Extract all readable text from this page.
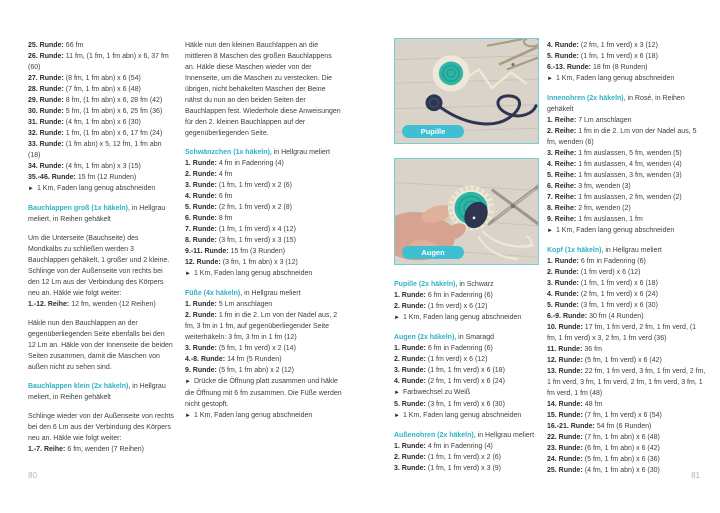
80	81
25. Runde: 66 fm
26. Runde: 11 fm, (1 fm, 1 fm abn) x 6, 37 fm (60)
27. Runde: (8 fm, 1 fm abn) x 6 (54)
28. Runde: (7 fm, 1 fm abn) x 6 (48)
29. Runde: 8 fm, (1 fm abn) x 6, 28 fm (42)
30. Runde: 5 fm, (1 fm abn) x 6, 25 fm (36)
31. Runde: (4 fm, 1 fm abn) x 6 (30)
32. Runde: 1 fm, (1 fm abn) x 6, 17 fm (24)
33. Runde: (1 fm abn) x 5, 12 fm, 1 fm abn (18)
34. Runde: (4 fm, 1 fm abn) x 3 (15)
35.-46. Runde: 15 fm (12 Runden)
► 1 Km, Faden lang genug abschneiden
Bauchlappen groß (1x häkeln), in Hellgrau meliert, in Reihen gehäkelt
Um die Unterseite (Bauchseite) des Mondkalbs zu schließen werden 3 Bauchlappen gehäkelt, 1 großer und 2 kleine. Schlinge von der Außenseite von rechts bei den 12 Lm aus der Verbindung des Körpers neu an. Häkle wie folgt weiter:
1.-12. Reihe: 12 fm, wenden (12 Reihen)
Häkle nun den Bauchlappen an der gegenüberliegenden Seite ebenfalls bei den 12 Lm an. Häkle von der Innenseite die beiden Seiten zusammen, damit die Maschen von außen nicht zu sehen sind.
Bauchlappen klein (2x häkeln), in Hellgrau meliert, in Reihen gehäkelt
Schlinge wieder von der Außenseite von rechts bei den 6 Lm aus der Verbindung des Körpers neu an. Häkle wie folgt weiter:
1.-7. Reihe: 6 fm, wenden (7 Reihen)
Häkle nun den kleinen Bauchlappen an die mittleren 8 Maschen des großen Bauchlappens an. Häkle diese Maschen wieder von der Innenseite, um die Maschen zu verstecken. Die übrigen, nicht behäkelten Maschen der Beine nähst du nun an den beiden Seiten der Bauchlappen fest. Wiederhole diese Anweisungen für den 2. kleinen Bauchlappen auf der gegenüberliegenden Seite.
Schwänzchen (1x häkeln), in Hellgrau meliert
1. Runde: 4 fm in Fadenring (4)
2. Runde: 4 fm
3. Runde: (1 fm, 1 fm verd) x 2 (6)
4. Runde: 6 fm
5. Runde: (2 fm, 1 fm verd) x 2 (8)
6. Runde: 8 fm
7. Runde: (1 fm, 1 fm verd) x 4 (12)
8. Runde: (3 fm, 1 fm verd) x 3 (15)
9.-11. Runde: 15 fm (3 Runden)
12. Runde: (3 fm, 1 fm abn) x 3 (12)
► 1 Km, Faden lang genug abschneiden
Füße (4x häkeln), in Hellgrau meliert
1. Runde: 5 Lm anschlagen
2. Runde: 1 fm in die 2. Lm von der Nadel aus, 2 fm, 3 fm in 1 fm, auf gegenüberliegender Seite weiterhäkeln: 3 fm, 3 fm in 1 fm (12)
3. Runde: (5 fm, 1 fm verd) x 2 (14)
4.-8. Runde: 14 fm (5 Runden)
9. Runde: (5 fm, 1 fm abn) x 2 (12)
► Drücke die Öffnung platt zusammen und häkle die Öffnung mit 6 fm zusammen. Die Füße werden nicht gestopft.
► 1 Km, Faden lang genug abschneiden
Pupille
Augen
Pupille (2x häkeln), in Schwarz
1. Runde: 6 fm in Fadenring (6)
2. Runde: (1 fm verd) x 6 (12)
► 1 Km, Faden lang genug abschneiden
Augen (2x häkeln), in Smaragd
1. Runde: 6 fm in Fadenring (6)
2. Runde: (1 fm verd) x 6 (12)
3. Runde: (1 fm, 1 fm verd) x 6 (18)
4. Runde: (2 fm, 1 fm verd) x 6 (24)
► Farbwechsel zu Weiß
5. Runde: (3 fm, 1 fm verd) x 6 (30)
► 1 Km, Faden lang genug abschneiden
Außenohren (2x häkeln), in Hellgrau meliert
1. Runde: 4 fm in Fadenring (4)
2. Runde: (1 fm, 1 fm verd) x 2 (6)
3. Runde: (1 fm, 1 fm verd) x 3 (9)
4. Runde: (2 fm, 1 fm verd) x 3 (12)
5. Runde: (1 fm, 1 fm verd) x 6 (18)
6.-13. Runde: 18 fm (8 Runden)
► 1 Km, Faden lang genug abschneiden
Innenohren (2x häkeln), in Rosé, in Reihen gehäkelt
1. Reihe: 7 Lm anschlagen
2. Reihe: 1 fm in die 2. Lm von der Nadel aus, 5 fm, wenden (6)
3. Reihe: 1 fm auslassen, 5 fm, wenden (5)
4. Reihe: 1 fm auslassen, 4 fm, wenden (4)
5. Reihe: 1 fm auslassen, 3 fm, wenden (3)
6. Reihe: 3 fm, wenden (3)
7. Reihe: 1 fm auslassen, 2 fm, wenden (2)
8. Reihe: 2 fm, wenden (2)
9. Reihe: 1 fm auslassen, 1 fm
► 1 Km, Faden lang genug abschneiden
Kopf (1x häkeln), in Hellgrau meliert
1. Runde: 6 fm in Fadenring (6)
2. Runde: (1 fm verd) x 6 (12)
3. Runde: (1 fm, 1 fm verd) x 6 (18)
4. Runde: (2 fm, 1 fm verd) x 6 (24)
5. Runde: (3 fm, 1 fm verd) x 6 (30)
6.-9. Runde: 30 fm (4 Runden)
10. Runde: 17 fm, 1 fm verd, 2 fm, 1 fm verd, (1 fm, 1 fm verd) x 3, 2 fm, 1 fm verd (36)
11. Runde: 36 fm
12. Runde: (5 fm, 1 fm verd) x 6 (42)
13. Runde: 22 fm, 1 fm verd, 3 fm, 1 fm verd, 2 fm, 1 fm verd, 3 fm, 1 fm verd, 2 fm, 1 fm verd, 3 fm, 1 fm verd, 1 fm (48)
14. Runde: 48 fm
15. Runde: (7 fm, 1 fm verd) x 6 (54)
16.-21. Runde: 54 fm (6 Runden)
22. Runde: (7 fm, 1 fm abn) x 6 (48)
23. Runde: (6 fm, 1 fm abn) x 6 (42)
24. Runde: (5 fm, 1 fm abn) x 6 (36)
25. Runde: (4 fm, 1 fm abn) x 6 (30)
